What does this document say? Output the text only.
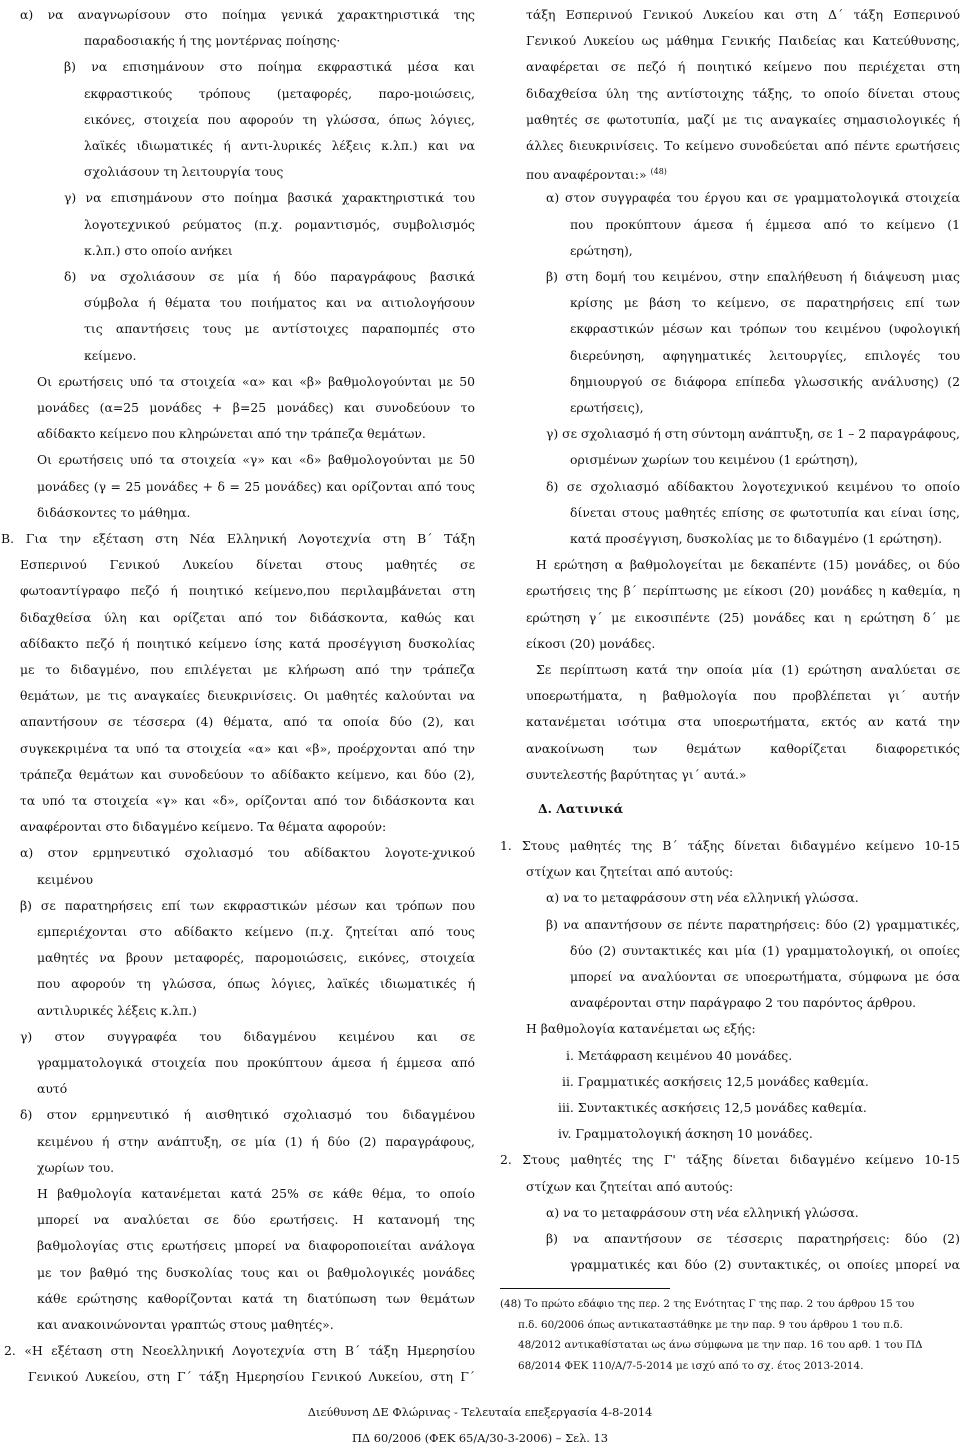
α) να αναγνωρίσουν στο ποίημα γενικά χαρακτηριστικά της
παραδοσιακής ή της μοντέρνας ποίησης·
β) να επισημάνουν στο ποίημα εκφραστικά μέσα και
εκφραστικούς τρόπους (μεταφορές, παρο-μοιώσεις,
εικόνες, στοιχεία που αφορούν τη γλώσσα, όπως λόγιες,
λαϊκές ιδιωματικές ή αντι-λυρικές λέξεις κ.λπ.) και να
σχολιάσουν τη λειτουργία τους
γ) να επισημάνουν στο ποίημα βασικά χαρακτηριστικά του
λογοτεχνικού ρεύματος (π.χ. ρομαντισμός, συμβολισμός
κ.λπ.) στο οποίο ανήκει
δ) να σχολιάσουν σε μία ή δύο παραγράφους βασικά
σύμβολα ή θέματα του ποιήματος και να αιτιολογήσουν
τις απαντήσεις τους με αντίστοιχες παραπομπές στο
κείμενο.
Οι ερωτήσεις υπό τα στοιχεία «α» και «β» βαθμολογούνται με 50
μονάδες (α=25 μονάδες + β=25 μονάδες) και συνοδεύουν το
αδίδακτο κείμενο που κληρώνεται από την τράπεζα θεμάτων.
Οι ερωτήσεις υπό τα στοιχεία «γ» και «δ» βαθμολογούνται με 50
μονάδες (γ = 25 μονάδες + δ = 25 μονάδες) και ορίζονται από τους
διδάσκοντες το μάθημα.
Β. Για την εξέταση στη Νέα Ελληνική Λογοτεχνία στη Β΄ Τάξη
Εσπερινού Γενικού Λυκείου δίνεται στους μαθητές σε
φωτοαντίγραφο πεζό ή ποιητικό κείμενο,που περιλαμβάνεται στη
διδαχθείσα ύλη και ορίζεται από τον διδάσκοντα, καθώς και
αδίδακτο πεζό ή ποιητικό κείμενο ίσης κατά προσέγγιση δυσκολίας
με το διδαγμένο, που επιλέγεται με κλήρωση από την τράπεζα
θεμάτων, με τις αναγκαίες διευκρινίσεις. Οι μαθητές καλούνται να
απαντήσουν σε τέσσερα (4) θέματα, από τα οποία δύο (2), και
συγκεκριμένα τα υπό τα στοιχεία «α» και «β», προέρχονται από την
τράπεζα θεμάτων και συνοδεύουν το αδίδακτο κείμενο, και δύο (2),
τα υπό τα στοιχεία «γ» και «δ», ορίζονται από τον διδάσκοντα και
αναφέρονται στο διδαγμένο κείμενο. Τα θέματα αφορούν:
α) στον ερμηνευτικό σχολιασμό του αδίδακτου λογοτε-χνικού
κειμένου
β) σε παρατηρήσεις επί των εκφραστικών μέσων και τρόπων που
εμπεριέχονται στο αδίδακτο κείμενο (π.χ. ζητείται από τους
μαθητές να βρουν μεταφορές, παρομοιώσεις, εικόνες, στοιχεία
που αφορούν τη γλώσσα, όπως λόγιες, λαϊκές ιδιωματικές ή
αντιλυρικές λέξεις κ.λπ.)
γ) στον συγγραφέα του διδαγμένου κειμένου και σε
γραμματολογικά στοιχεία που προκύπτουν άμεσα ή έμμεσα από
αυτό
δ) στον ερμηνευτικό ή αισθητικό σχολιασμό του διδαγμένου
κειμένου ή στην ανάπτυξη, σε μία (1) ή δύο (2) παραγράφους,
χωρίων του.
Η βαθμολογία κατανέμεται κατά 25% σε κάθε θέμα, το οποίο
μπορεί να αναλύεται σε δύο ερωτήσεις. Η κατανομή της
βαθμολογίας στις ερωτήσεις μπορεί να διαφοροποιείται ανάλογα
με τον βαθμό της δυσκολίας τους και οι βαθμολογικές μονάδες
κάθε ερώτησης καθορίζονται κατά τη διατύπωση των θεμάτων
και ανακοινώνονται γραπτώς στους μαθητές».
2. «Η εξέταση στη Νεοελληνική Λογοτεχνία στη Β΄ τάξη Ημερησίου
Γενικού Λυκείου, στη Γ΄ τάξη Ημερησίου Γενικού Λυκείου, στη Γ΄
τάξη Εσπερινού Γενικού Λυκείου και στη Δ΄ τάξη Εσπερινού
Γενικού Λυκείου ως μάθημα Γενικής Παιδείας και Κατεύθυνσης,
αναφέρεται σε πεζό ή ποιητικό κείμενο που περιέχεται στη
διδαχθείσα ύλη της αντίστοιχης τάξης, το οποίο δίνεται στους
μαθητές σε φωτοτυπία, μαζί με τις αναγκαίες σημασιολογικές ή
άλλες διευκρινίσεις. Το κείμενο συνοδεύεται από πέντε ερωτήσεις
που αναφέρονται:» $^{(48)}$
α) στον συγγραφέα του έργου και σε γραμματολογικά στοιχεία
που προκύπτουν άμεσα ή έμμεσα από το κείμενο (1
ερώτηση),
β) στη δομή του κειμένου, στην επαλήθευση ή διάψευση μιας
κρίσης με βάση το κείμενο, σε παρατηρήσεις επί των
εκφραστικών μέσων και τρόπων του κειμένου (υφολογική
διερεύνηση, αφηγηματικές λειτουργίες, επιλογές του
δημιουργού σε διάφορα επίπεδα γλωσσικής ανάλυσης) (2
ερωτήσεις),
γ) σε σχολιασμό ή στη σύντομη ανάπτυξη, σε 1 – 2 παραγράφους,
ορισμένων χωρίων του κειμένου (1 ερώτηση),
δ) σε σχολιασμό αδίδακτου λογοτεχνικού κειμένου το οποίο
δίνεται στους μαθητές επίσης σε φωτοτυπία και είναι ίσης,
κατά προσέγγιση, δυσκολίας με το διδαγμένο (1 ερώτηση).
Η ερώτηση α βαθμολογείται με δεκαπέντε (15) μονάδες, οι δύο
ερωτήσεις της β΄ περίπτωσης με είκοσι (20) μονάδες η καθεμία, η
ερώτηση γ΄ με εικοσιπέντε (25) μονάδες και η ερώτηση δ΄ με
είκοσι (20) μονάδες.
Σε περίπτωση κατά την οποία μία (1) ερώτηση αναλύεται σε
υποερωτήματα, η βαθμολογία που προβλέπεται γι΄ αυτήν
κατανέμεται ισότιμα στα υποερωτήματα, εκτός αν κατά την
ανακοίνωση των θεμάτων καθορίζεται διαφορετικός
συντελεστής βαρύτητας γι΄ αυτά.»
Δ. Λατινικά
1. Στους μαθητές της Β΄ τάξης δίνεται διδαγμένο κείμενο 10-15
στίχων και ζητείται από αυτούς:
α) να το μεταφράσουν στη νέα ελληνική γλώσσα.
β) να απαντήσουν σε πέντε παρατηρήσεις: δύο (2) γραμματικές,
δύο (2) συντακτικές και μία (1) γραμματολογική, οι οποίες
μπορεί να αναλύονται σε υποερωτήματα, σύμφωνα με όσα
αναφέρονται στην παράγραφο 2 του παρόντος άρθρου.
Η βαθμολογία κατανέμεται ως εξής:
i. Μετάφραση κειμένου 40 μονάδες.
ii. Γραμματικές ασκήσεις 12,5 μονάδες καθεμία.
iii. Συντακτικές ασκήσεις 12,5 μονάδες καθεμία.
iv. Γραμματολογική άσκηση 10 μονάδες.
2. Στους μαθητές της Γ' τάξης δίνεται διδαγμένο κείμενο 10-15
στίχων και ζητείται από αυτούς:
α) να το μεταφράσουν στη νέα ελληνική γλώσσα.
β) να απαντήσουν σε τέσσερις παρατηρήσεις: δύο (2)
γραμματικές και δύο (2) συντακτικές, οι οποίες μπορεί να
(48) Το πρώτο εδάφιο της περ. 2 της Ενότητας Γ της παρ. 2 του άρθρου 15 του
π.δ. 60/2006 όπως αντικαταστάθηκε με την παρ. 9 του άρθρου 1 του π.δ.
48/2012 αντικαθίσταται ως άνω σύμφωνα με την παρ. 16 του αρθ. 1 του ΠΔ
68/2014 ΦΕΚ 110/Α/7-5-2014 με ισχύ από το σχ. έτος 2013-2014.
Διεύθυνση ΔΕ Φλώρινας - Τελευταία επεξεργασία 4-8-2014
ΠΔ 60/2006 (ΦΕΚ 65/Α/30-3-2006) – Σελ. 13
